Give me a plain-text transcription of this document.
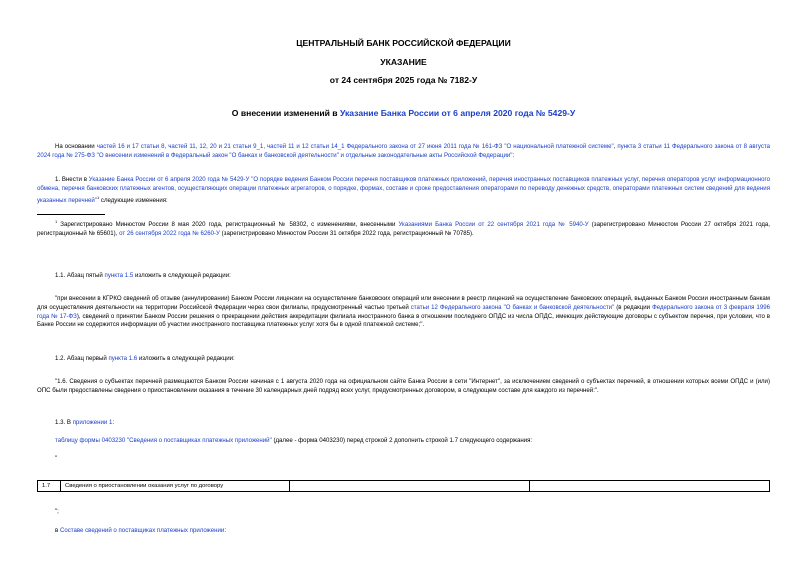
ЦЕНТРАЛЬНЫЙ БАНК РОССИЙСКОЙ ФЕДЕРАЦИИ
УКАЗАНИЕ
от 24 сентября 2025 года № 7182-У
О внесении изменений в Указание Банка России от 6 апреля 2020 года № 5429-У
На основании частей 16 и 17 статьи 8, частей 11, 12, 20 и 21 статьи 9_1, частей 11 и 12 статьи 14_1 Федерального закона от 27 июня 2011 года № 161-ФЗ "О национальной платежной системе", пункта 3 статьи 11 Федерального закона от 8 августа 2024 года № 275-ФЗ "О внесении изменений в Федеральный закон "О банках и банковской деятельности" и отдельные законодательные акты Российской Федерации":
1. Внести в Указание Банка России от 6 апреля 2020 года № 5429-У "О порядке ведения Банком России перечня поставщиков платежных приложений, перечня иностранных поставщиков платежных услуг, перечня операторов услуг информационного обмена, перечня банковских платежных агентов, осуществляющих операции платежных агрегаторов, о порядке, формах, составе и сроке предоставления операторами по переводу денежных средств, операторами платежных систем сведений для ведения указанных перечней"$^1$ следующие изменения:
$^1$ Зарегистрировано Минюстом России 8 мая 2020 года, регистрационный № 58302, с изменениями, внесенными Указаниями Банка России от 22 сентября 2021 года № 5940-У (зарегистрировано Минюстом России 27 октября 2021 года, регистрационный № 65601), от 26 сентября 2022 года № 6260-У (зарегистрировано Минюстом России 31 октября 2022 года, регистрационный № 70785).
1.1. Абзац пятый пункта 1.5 изложить в следующей редакции:
"при внесении в КГРКО сведений об отзыве (аннулировании) Банком России лицензии на осуществление банковских операций или внесении в реестр лицензий на осуществление банковских операций, выданных Банком России иностранным банкам для осуществления деятельности на территории Российской Федерации через свои филиалы, предусмотренный частью третьей статьи 12 Федерального закона "О банках и банковской деятельности" (в редакции Федерального закона от 3 февраля 1996 года № 17-ФЗ), сведений о принятии Банком России решения о прекращении действия аккредитации филиала иностранного банка в отношении последнего ОПДС из числа ОПДС, имеющих действующие договоры с субъектом перечня, при условии, что в Банке России не содержится информации об участии иностранного поставщика платежных услуг хотя бы в одной платежной системе;".
1.2. Абзац первый пункта 1.6 изложить в следующей редакции:
"1.6. Сведения о субъектах перечней размещаются Банком России начиная с 1 августа 2020 года на официальном сайте Банка России в сети "Интернет", за исключением сведений о субъектах перечней, в отношении которых всеми ОПДС и (или) ОПС были предоставлены сведения о приостановлении оказания в течение 30 календарных дней подряд всех услуг, предусмотренных договором, в следующем составе для каждого из перечней:".
1.3. В приложении 1:
таблицу формы 0403230 "Сведения о поставщиках платежных приложений" (далее - форма 0403230) перед строкой 2 дополнить строкой 1.7 следующего содержания:
"
1.7	Сведения о приостановлении оказания услуг по договору		
";
в Составе сведений о поставщиках платежных приложении:
